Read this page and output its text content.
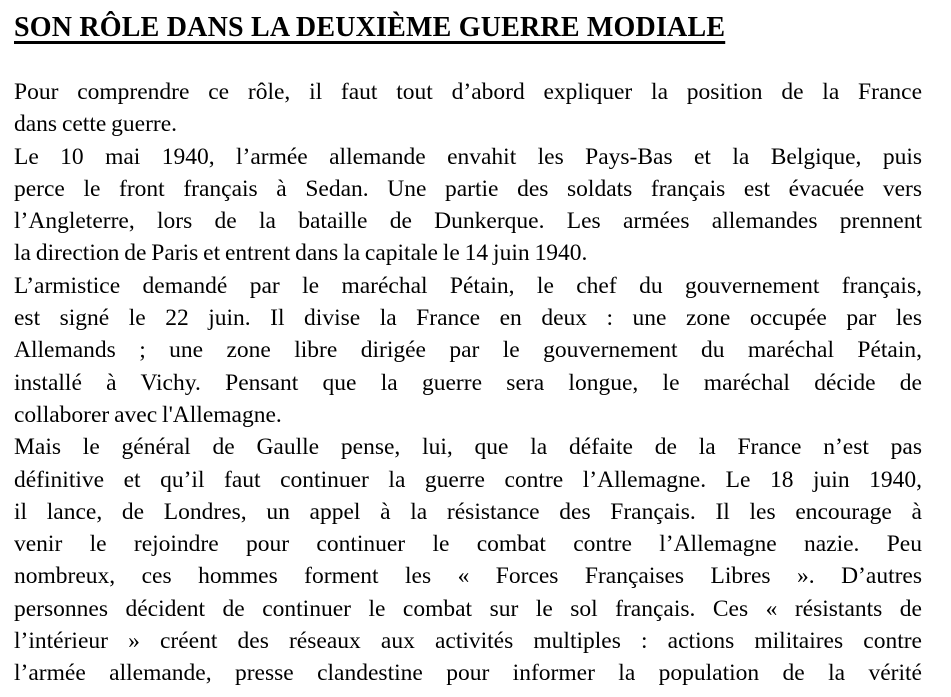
SON RÔLE DANS LA DEUXIÈME GUERRE MODIALE
Pour comprendre ce rôle, il faut tout d’abord expliquer la position de la France
dans cette guerre.
Le 10 mai 1940, l’armée allemande envahit les Pays-Bas et la Belgique, puis
perce le front français à Sedan. Une partie des soldats français est évacuée vers
l’Angleterre, lors de la bataille de Dunkerque. Les armées allemandes prennent
la direction de Paris et entrent dans la capitale le 14 juin 1940.
L’armistice demandé par le maréchal Pétain, le chef du gouvernement français,
est signé le 22 juin. Il divise la France en deux : une zone occupée par les
Allemands ; une zone libre dirigée par le gouvernement du maréchal Pétain,
installé à Vichy. Pensant que la guerre sera longue, le maréchal décide de
collaborer avec l'Allemagne.
Mais le général de Gaulle pense, lui, que la défaite de la France n’est pas
définitive et qu’il faut continuer la guerre contre l’Allemagne. Le 18 juin 1940,
il lance, de Londres, un appel à la résistance des Français. Il les encourage à
venir le rejoindre pour continuer le combat contre l’Allemagne nazie. Peu
nombreux, ces hommes forment les « Forces Françaises Libres ». D’autres
personnes décident de continuer le combat sur le sol français. Ces « résistants de
l’intérieur » créent des réseaux aux activités multiples : actions militaires contre
l’armée allemande, presse clandestine pour informer la population de la vérité
